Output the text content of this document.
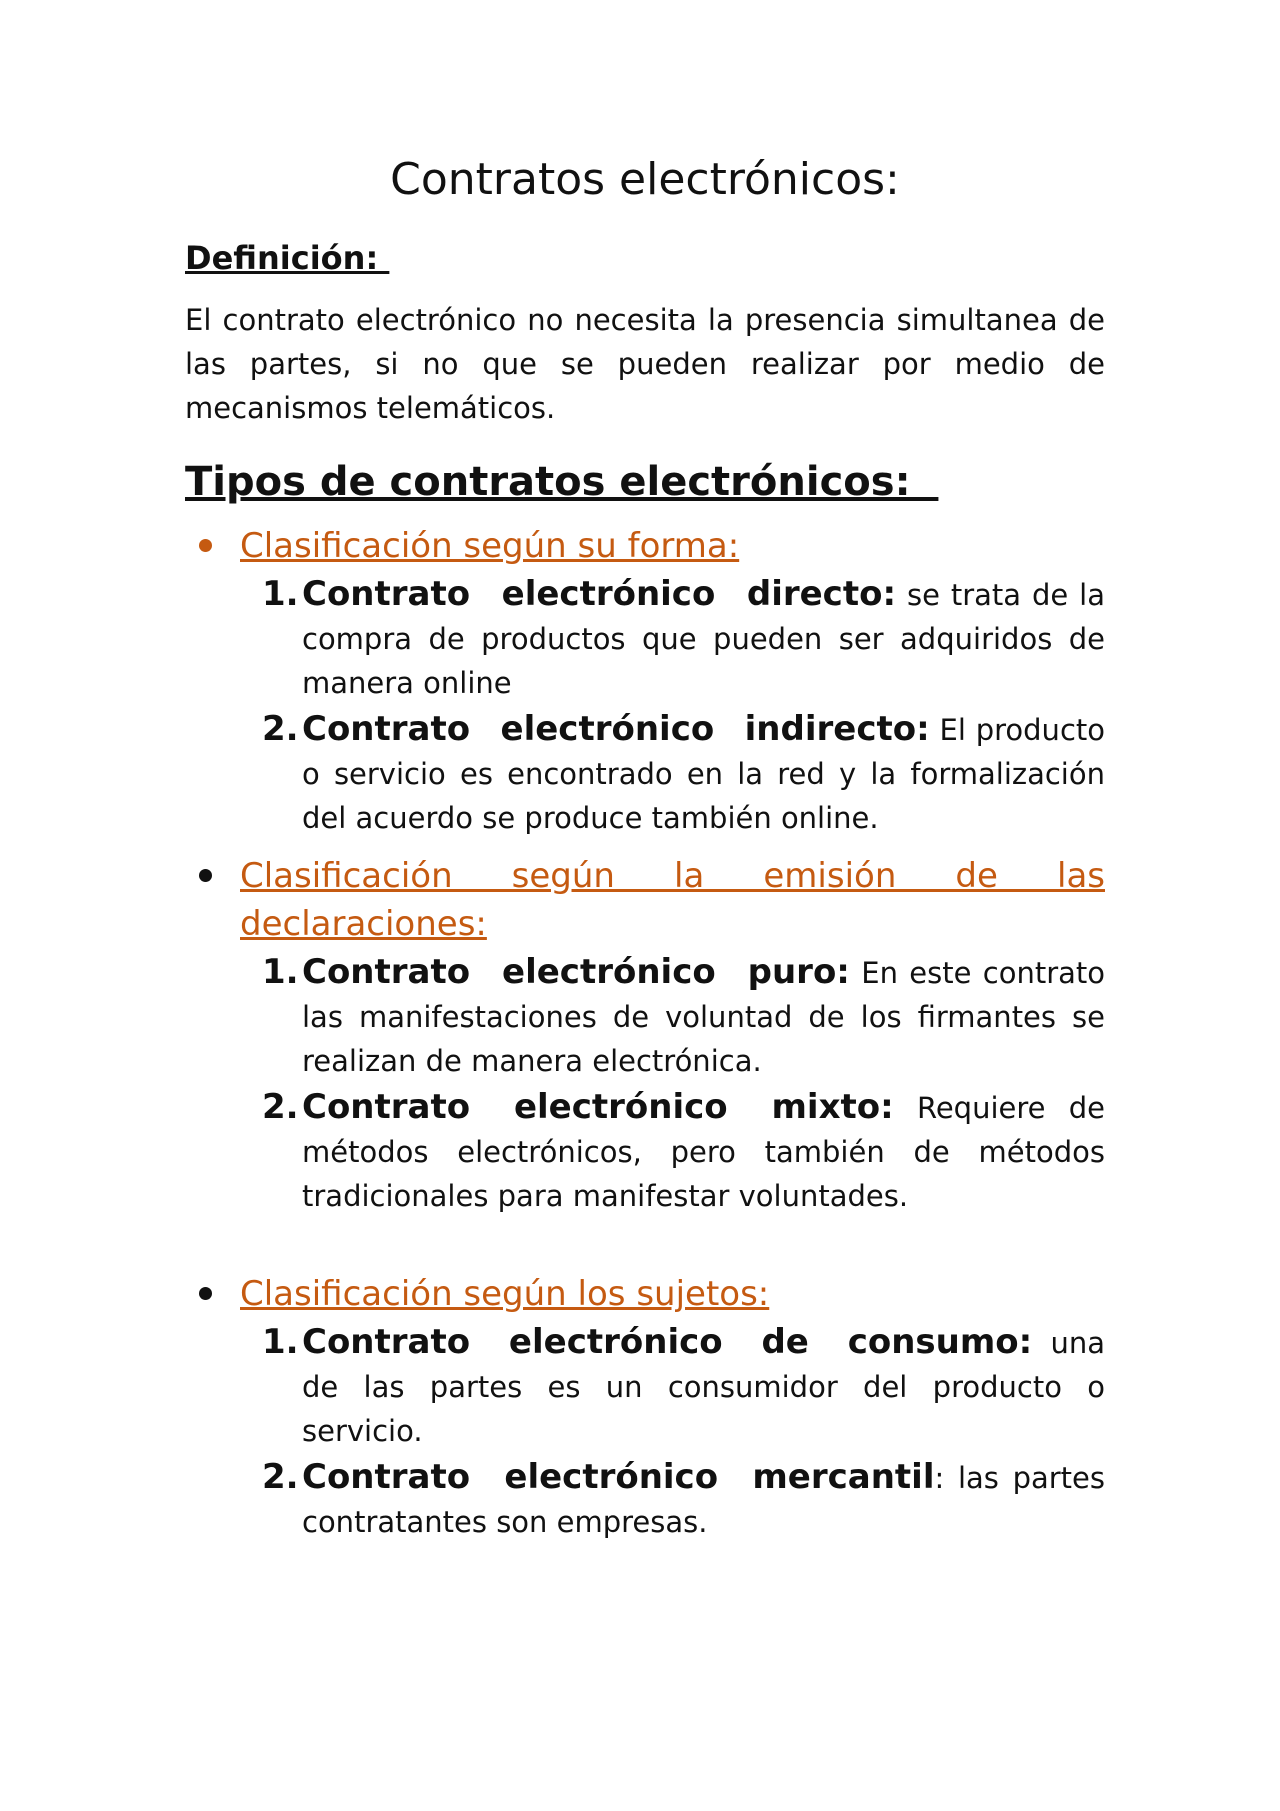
Contratos electrónicos:
Definición:

El contrato electrónico no necesita la presencia simultanea de las partes, si no que se pueden realizar por medio de mecanismos telemáticos.

Tipos de contratos electrónicos:
Clasificación según su forma:
1. Contrato electrónico directo: se trata de la compra de productos que pueden ser adquiridos de manera online
2. Contrato electrónico indirecto: El producto o servicio es encontrado en la red y la formalización del acuerdo se produce también online.
Clasificación según la emisión de las declaraciones:
1. Contrato electrónico puro: En este contrato las manifestaciones de voluntad de los firmantes se realizan de manera electrónica.
2. Contrato electrónico mixto: Requiere de métodos electrónicos, pero también de métodos tradicionales para manifestar voluntades.
Clasificación según los sujetos:
1. Contrato electrónico de consumo: una de las partes es un consumidor del producto o servicio.
2. Contrato electrónico mercantil: las partes contratantes son empresas.
